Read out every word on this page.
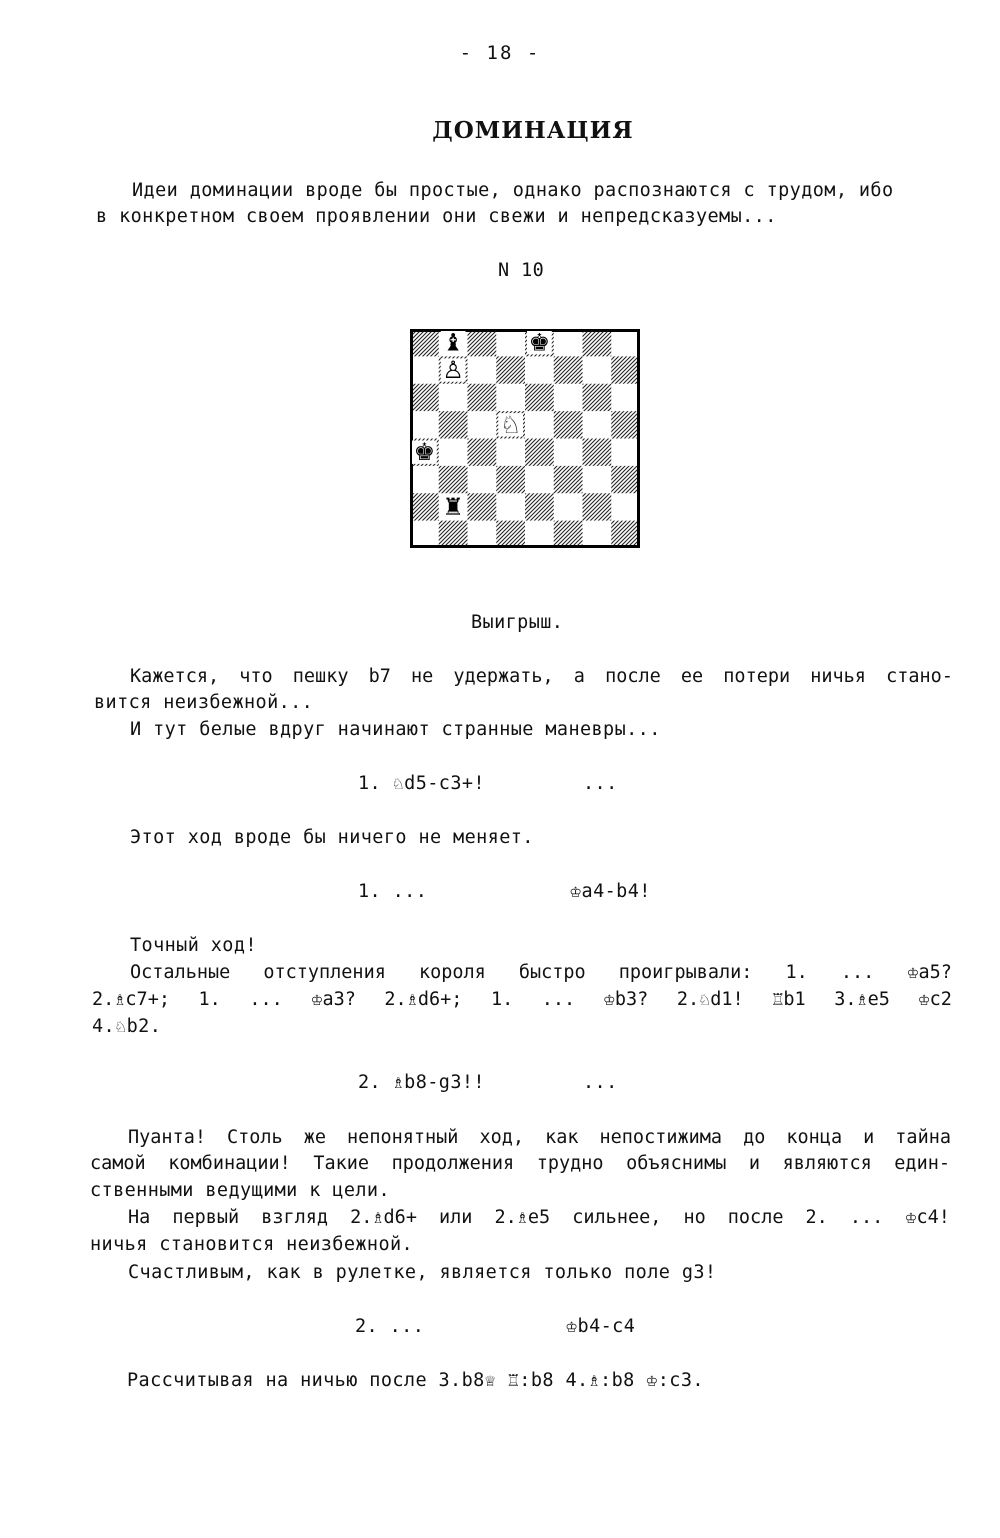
- 18 -
ДОМИНАЦИЯ
Идеи доминации вроде бы простые, однако распознаются с трудом, ибо
в конкретном своем проявлении они свежи и непредсказуемы...
N 10
♝	♚
♙
♘
♚
♜
Выигрыш.
Кажется, что пешку b7 не удержать, а после ее потери ничья стано-
вится неизбежной...
И тут белые вдруг начинают странные маневры...
1. ♘d5-c3+!	...
Этот ход вроде бы ничего не меняет.
1. ...	♔a4-b4!
Точный ход!
Остальные отступления короля быстро проигрывали: 1. ... ♔a5?
2.♗c7+; 1. ... ♔a3? 2.♗d6+; 1. ... ♔b3? 2.♘d1! ♖b1 3.♗e5 ♔c2
4.♘b2.
2. ♗b8-g3!!	...
Пуанта! Столь же непонятный ход, как непостижима до конца и тайна
самой комбинации! Такие продолжения трудно объяснимы и являются един-
ственными ведущими к цели.
На первый взгляд 2.♗d6+ или 2.♗e5 сильнее, но после 2. ... ♔c4!
ничья становится неизбежной.
Счастливым, как в рулетке, является только поле g3!
2. ...	♔b4-c4
Рассчитывая на ничью после 3.b8♕ ♖:b8 4.♗:b8 ♔:c3.
